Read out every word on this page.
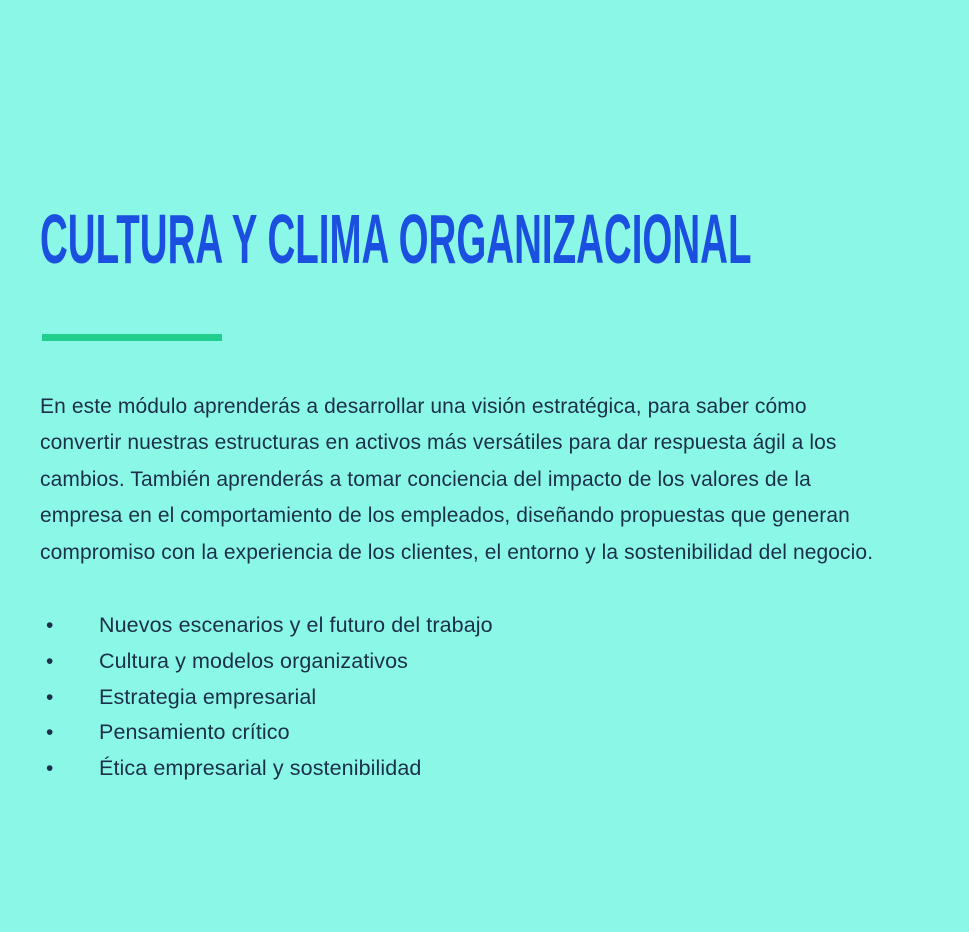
CULTURA Y CLIMA ORGANIZACIONAL

En este módulo aprenderás a desarrollar una visión estratégica, para saber cómo

convertir nuestras estructuras en activos más versátiles para dar respuesta ágil a los

cambios. También aprenderás a tomar conciencia del impacto de los valores de la

empresa en el comportamiento de los empleados, diseñando propuestas que generan

compromiso con la experiencia de los clientes, el entorno y la sostenibilidad del negocio.

•	Nuevos escenarios y el futuro del trabajo
•	Cultura y modelos organizativos
•	Estrategia empresarial
•	Pensamiento crítico
•	Ética empresarial y sostenibilidad
